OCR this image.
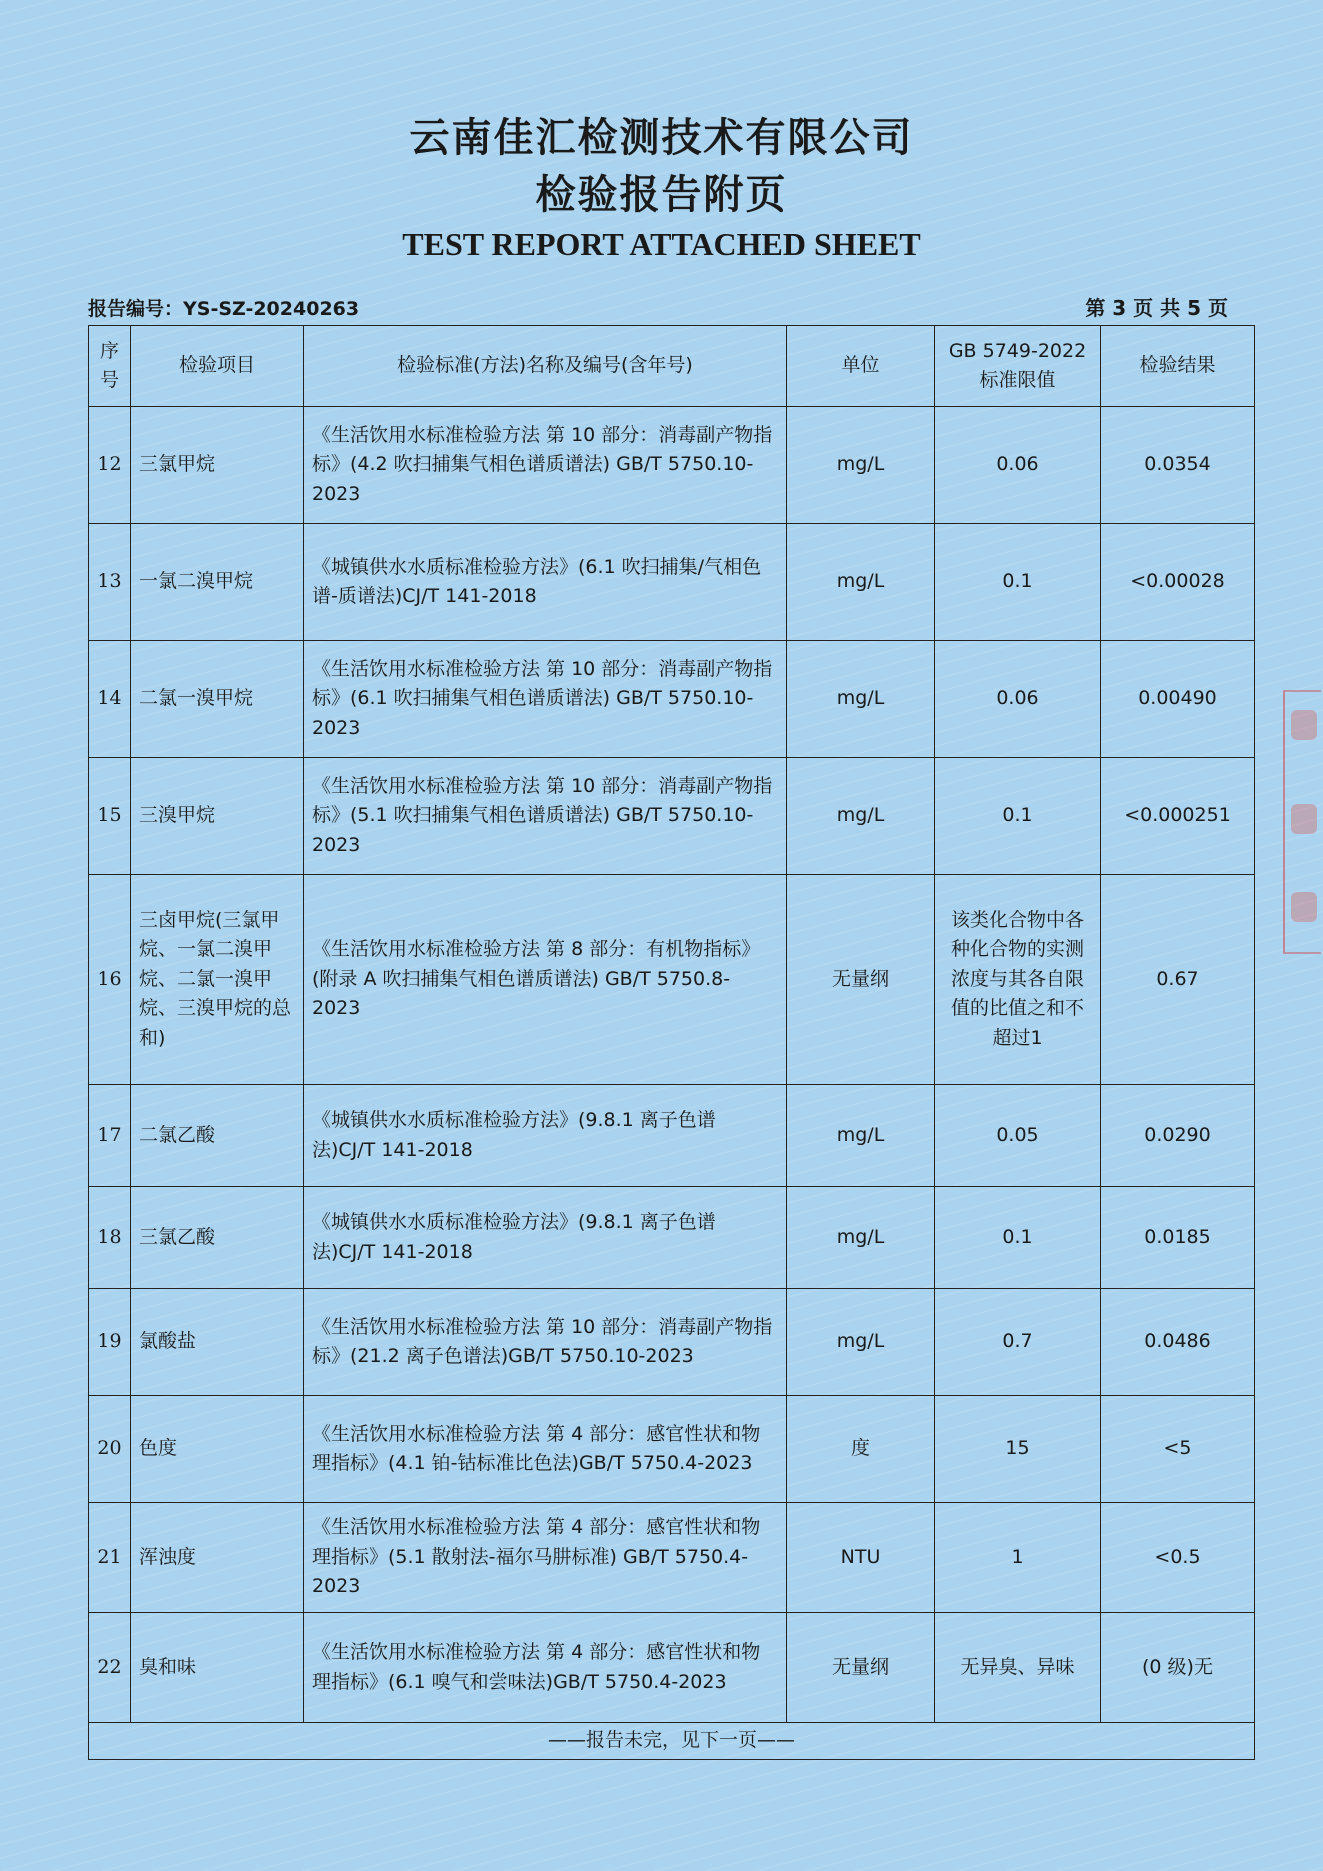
云南佳汇检测技术有限公司
检验报告附页
TEST REPORT ATTACHED SHEET
报告编号：YS-SZ-20240263	第 3 页 共 5 页
序号	检验项目	检验标准(方法)名称及编号(含年号)	单位	GB 5749-2022 标准限值	检验结果
12	三氯甲烷	《生活饮用水标准检验方法 第 10 部分：消毒副产物指标》(4.2 吹扫捕集气相色谱质谱法) GB/T 5750.10-2023	mg/L	0.06	0.0354
13	一氯二溴甲烷	《城镇供水水质标准检验方法》(6.1 吹扫捕集/气相色谱-质谱法)CJ/T 141-2018	mg/L	0.1	<0.00028
14	二氯一溴甲烷	《生活饮用水标准检验方法 第 10 部分：消毒副产物指标》(6.1 吹扫捕集气相色谱质谱法) GB/T 5750.10-2023	mg/L	0.06	0.00490
15	三溴甲烷	《生活饮用水标准检验方法 第 10 部分：消毒副产物指标》(5.1 吹扫捕集气相色谱质谱法) GB/T 5750.10-2023	mg/L	0.1	<0.000251
16	三卤甲烷(三氯甲烷、一氯二溴甲烷、二氯一溴甲烷、三溴甲烷的总和)	《生活饮用水标准检验方法 第 8 部分：有机物指标》(附录 A 吹扫捕集气相色谱质谱法) GB/T 5750.8-2023	无量纲	该类化合物中各种化合物的实测浓度与其各自限值的比值之和不超过1	0.67
17	二氯乙酸	《城镇供水水质标准检验方法》(9.8.1 离子色谱法)CJ/T 141-2018	mg/L	0.05	0.0290
18	三氯乙酸	《城镇供水水质标准检验方法》(9.8.1 离子色谱法)CJ/T 141-2018	mg/L	0.1	0.0185
19	氯酸盐	《生活饮用水标准检验方法 第 10 部分：消毒副产物指标》(21.2 离子色谱法)GB/T 5750.10-2023	mg/L	0.7	0.0486
20	色度	《生活饮用水标准检验方法 第 4 部分：感官性状和物理指标》(4.1 铂-钴标准比色法)GB/T 5750.4-2023	度	15	<5
21	浑浊度	《生活饮用水标准检验方法 第 4 部分：感官性状和物理指标》(5.1 散射法-福尔马肼标准) GB/T 5750.4-2023	NTU	1	<0.5
22	臭和味	《生活饮用水标准检验方法 第 4 部分：感官性状和物理指标》(6.1 嗅气和尝味法)GB/T 5750.4-2023	无量纲	无异臭、异味	(0 级)无
——报告未完，见下一页——					
